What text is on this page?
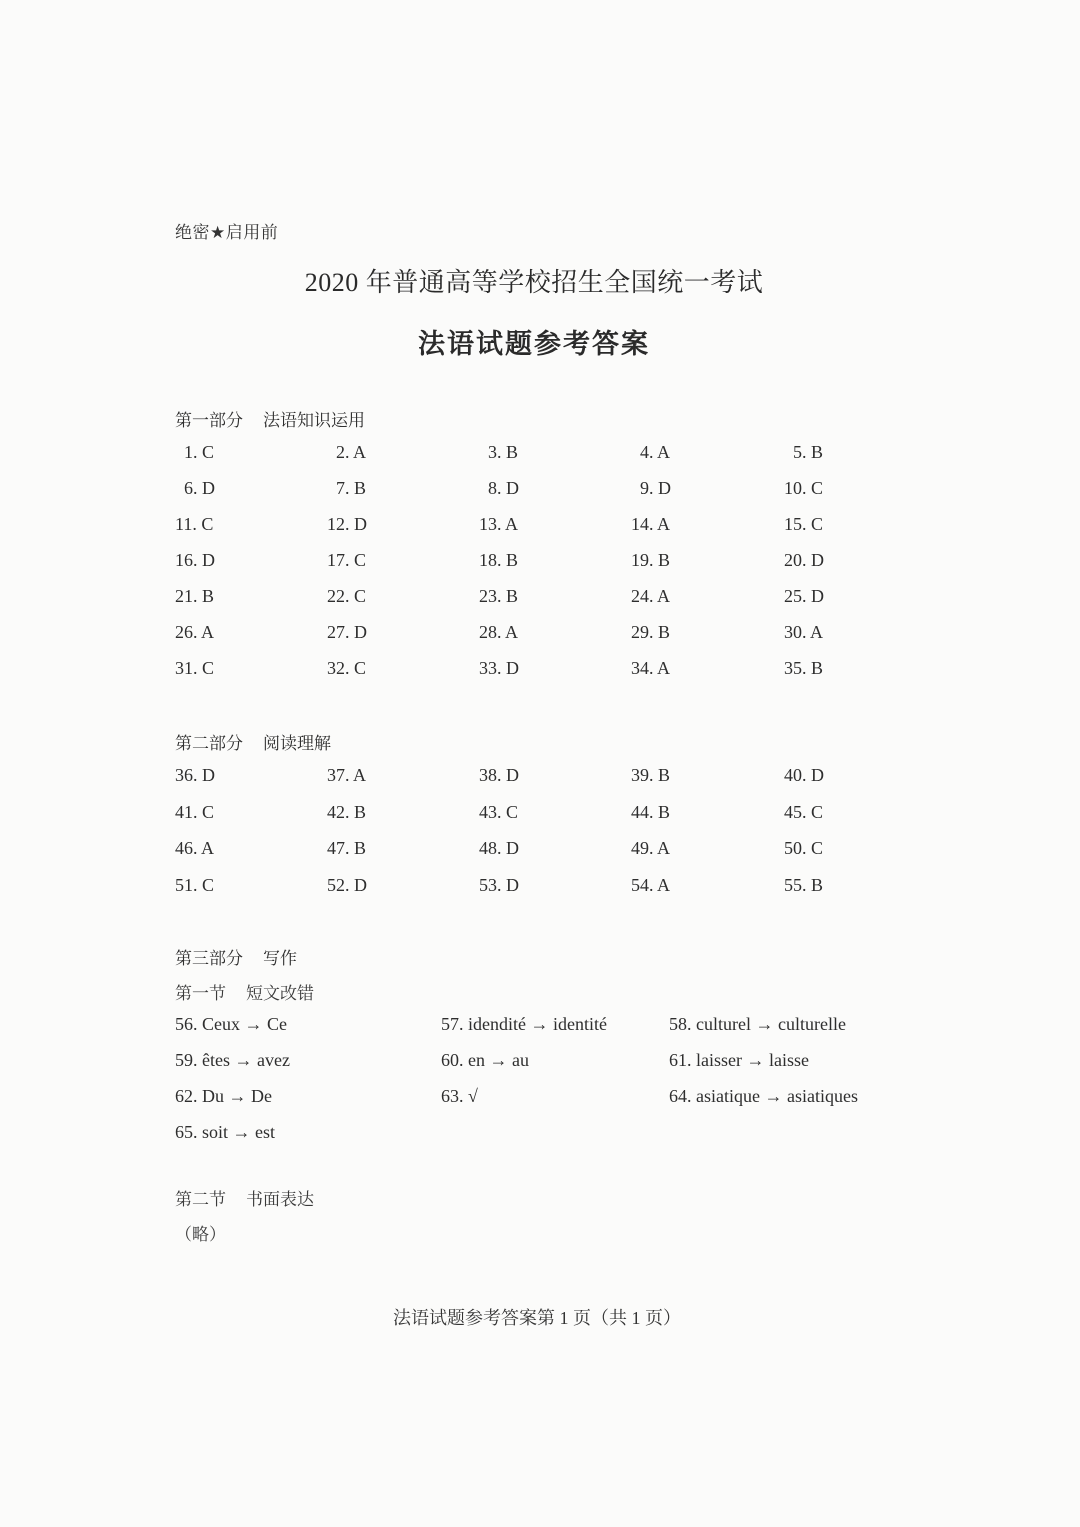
绝密★启用前
2020 年普通高等学校招生全国统一考试
法语试题参考答案
第一部分 法语知识运用
1. C	2. A	3. B	4. A	5. B
6. D	7. B	8. D	9. D	10. C
11. C	12. D	13. A	14. A	15. C
16. D	17. C	18. B	19. B	20. D
21. B	22. C	23. B	24. A	25. D
26. A	27. D	28. A	29. B	30. A
31. C	32. C	33. D	34. A	35. B
第二部分 阅读理解
36. D	37. A	38. D	39. B	40. D
41. C	42. B	43. C	44. B	45. C
46. A	47. B	48. D	49. A	50. C
51. C	52. D	53. D	54. A	55. B
第三部分 写作
第一节 短文改错
56. Ceux → Ce	57. idendité → identité	58. culturel → culturelle
59. êtes → avez	60. en → au	61. laisser → laisse
62. Du → De	63. √	64. asiatique → asiatiques
65. soit → est
第二节 书面表达
（略）
法语试题参考答案第 1 页（共 1 页）
